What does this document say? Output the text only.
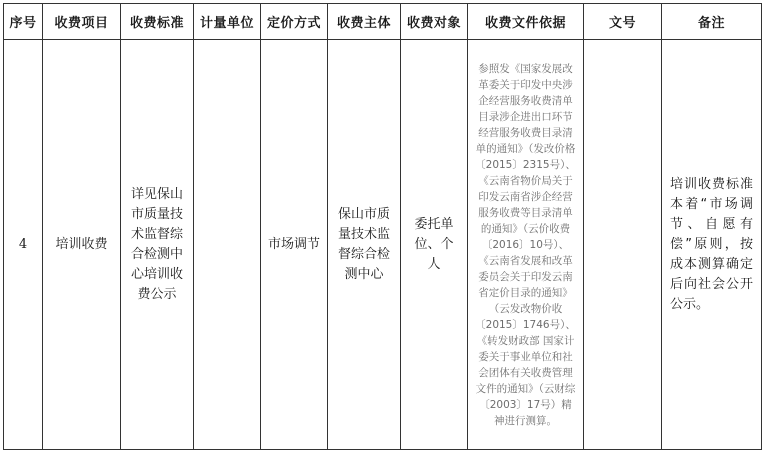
序号	收费项目	收费标准	计量单位	定价方式	收费主体	收费对象	收费文件依据	文号	备注
4	培训收费	详见保山市质量技术监督综合检测中心培训收费公示		市场调节	保山市质量技术监督综合检测中心	委托单位、个人	参照发《国家发展改革委关于印发中央涉企经营服务收费清单目录涉企进出口环节经营服务收费目录清单的通知》（发改价格〔2015〕2315号）、《云南省物价局关于印发云南省涉企经营服务收费等目录清单的通知》（云价收费〔2016〕10号）、《云南省发展和改革委员会关于印发云南省定价目录的通知》（云发改物价收〔2015〕1746号）、《转发财政部 国家计委关于事业单位和社会团体有关收费管理文件的通知》（云财综〔2003〕17号）精神进行测算。		培训收费标准本着“市场调节、自愿有偿”原则，按成本测算确定后向社会公开公示。
